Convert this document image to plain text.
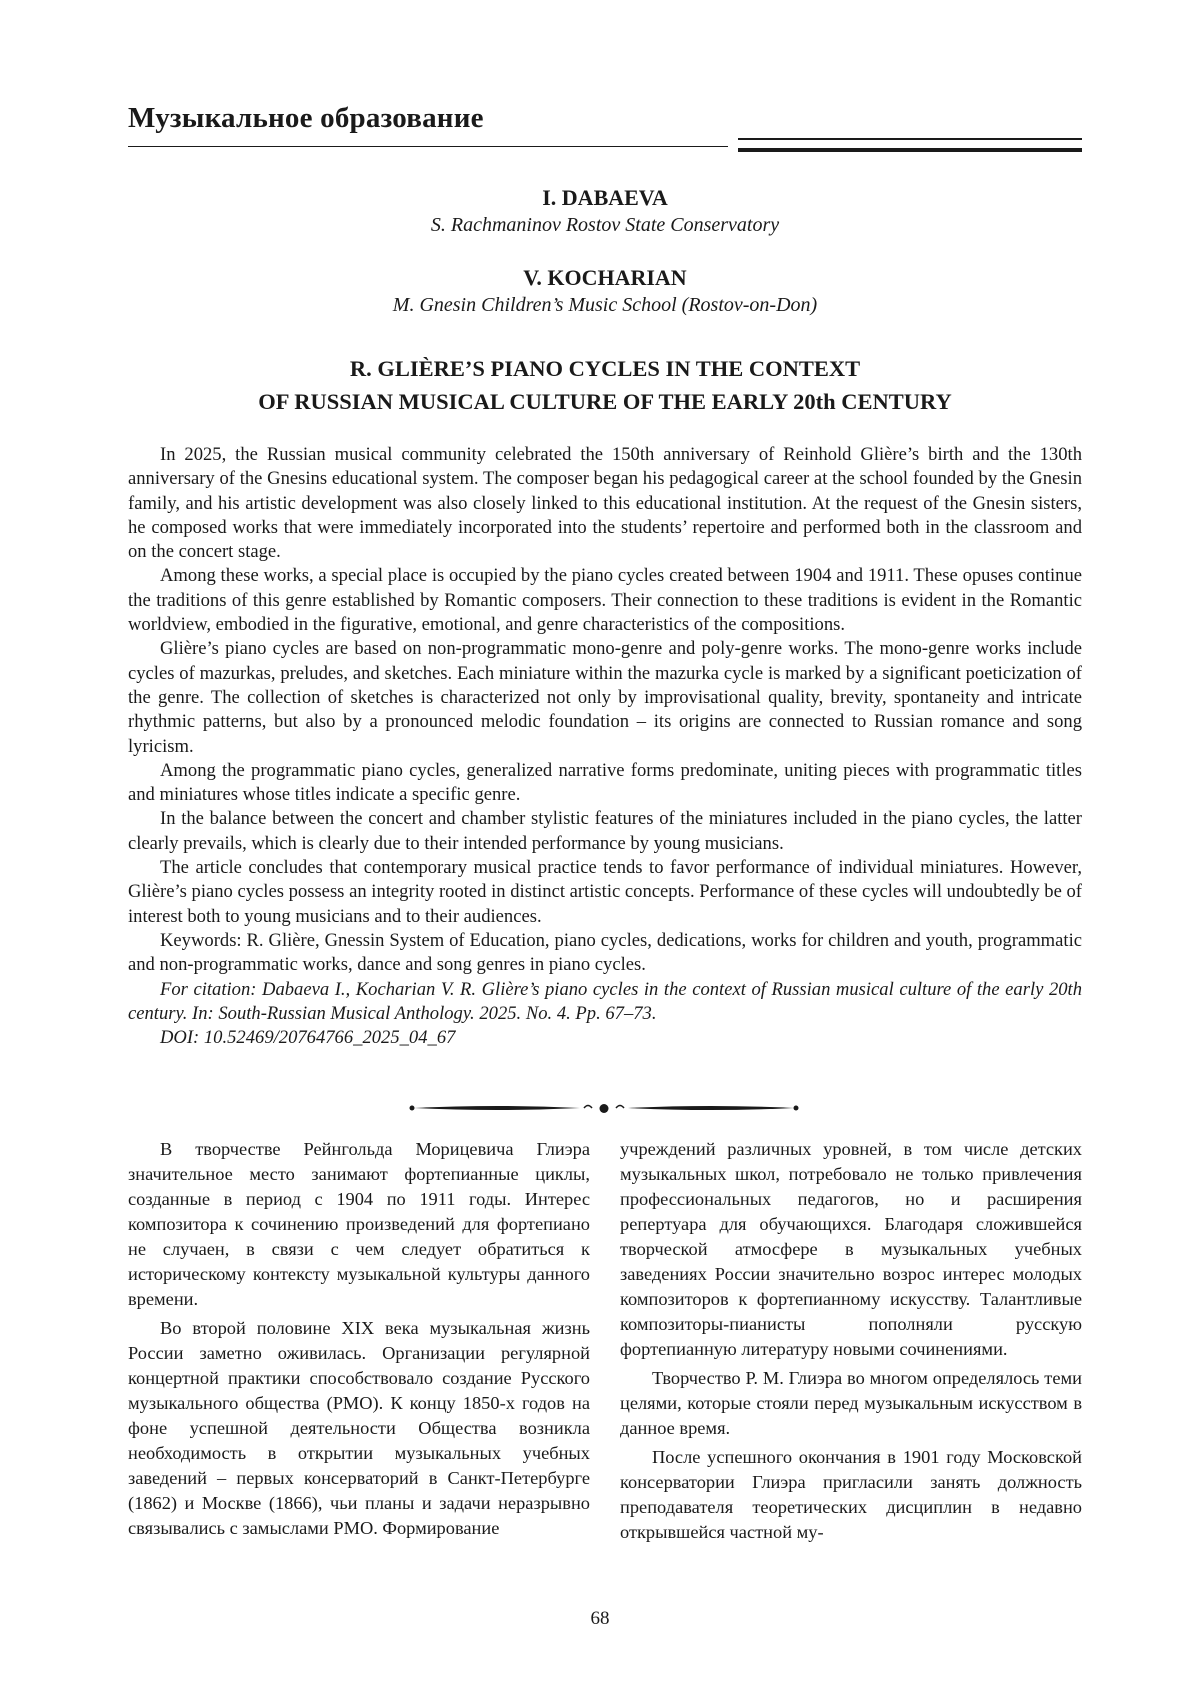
Музыкальное образование
I. DABAEVA
S. Rachmaninov Rostov State Conservatory
V. KOCHARIAN
M. Gnesin Children’s Music School (Rostov-on-Don)
R. GLIÈRE’S PIANO CYCLES IN THE CONTEXT
OF RUSSIAN MUSICAL CULTURE OF THE EARLY 20th CENTURY

In 2025, the Russian musical community celebrated the 150th anniversary of Reinhold Glière’s birth and the 130th anniversary of the Gnesins educational system. The composer began his pedagogical career at the school founded by the Gnesin family, and his artistic development was also closely linked to this educational institution. At the request of the Gnesin sisters, he composed works that were immediately incorporated into the students’ repertoire and performed both in the classroom and on the concert stage.

Among these works, a special place is occupied by the piano cycles created between 1904 and 1911. These opuses continue the traditions of this genre established by Romantic composers. Their connection to these traditions is evident in the Romantic worldview, embodied in the figurative, emotional, and genre characteristics of the compositions.

Glière’s piano cycles are based on non-programmatic mono-genre and poly-genre works. The mono-genre works include cycles of mazurkas, preludes, and sketches. Each miniature within the mazurka cycle is marked by a significant poeticization of the genre. The collection of sketches is characterized not only by improvisational quality, brevity, spontaneity and intricate rhythmic patterns, but also by a pronounced melodic foundation – its origins are connected to Russian romance and song lyricism.

Among the programmatic piano cycles, generalized narrative forms predominate, uniting pieces with programmatic titles and miniatures whose titles indicate a specific genre.

In the balance between the concert and chamber stylistic features of the miniatures included in the piano cycles, the latter clearly prevails, which is clearly due to their intended performance by young musicians.

The article concludes that contemporary musical practice tends to favor performance of individual miniatures. However, Glière’s piano cycles possess an integrity rooted in distinct artistic concepts. Performance of these cycles will undoubtedly be of interest both to young musicians and to their audiences.

Keywords: R. Glière, Gnessin System of Education, piano cycles, dedications, works for children and youth, programmatic and non-programmatic works, dance and song genres in piano cycles.

For citation: Dabaeva I., Kocharian V. R. Glière’s piano cycles in the context of Russian musical culture of the early 20th century. In: South-Russian Musical Anthology. 2025. No. 4. Pp. 67–73.

DOI: 10.52469/20764766_2025_04_67

В творчестве Рейнгольда Морицевича Глиэра значительное место занимают фортепианные циклы, созданные в период с 1904 по 1911 годы. Интерес композитора к сочинению произведений для фортепиано не случаен, в связи с чем следует обратиться к историческому контексту музыкальной культуры данного времени.

Во второй половине XIX века музыкальная жизнь России заметно оживилась. Организации регулярной концертной практики способствовало создание Русского музыкального общества (РМО). К концу 1850-х годов на фоне успешной деятельности Общества возникла необходимость в открытии музыкальных учебных заведений – первых консерваторий в Санкт-Петербурге (1862) и Москве (1866), чьи планы и задачи неразрывно связывались с замыслами РМО. Формирование

учреждений различных уровней, в том числе детских музыкальных школ, потребовало не только привлечения профессиональных педагогов, но и расширения репертуара для обучающихся. Благодаря сложившейся творческой атмосфере в музыкальных учебных заведениях России значительно возрос интерес молодых композиторов к фортепианному искусству. Талантливые композиторы-пианисты пополняли русскую фортепианную литературу новыми сочинениями.

Творчество Р. М. Глиэра во многом определялось теми целями, которые стояли перед музыкальным искусством в данное время.

После успешного окончания в 1901 году Московской консерватории Глиэра пригласили занять должность преподавателя теоретических дисциплин в недавно открывшейся частной му-

68
